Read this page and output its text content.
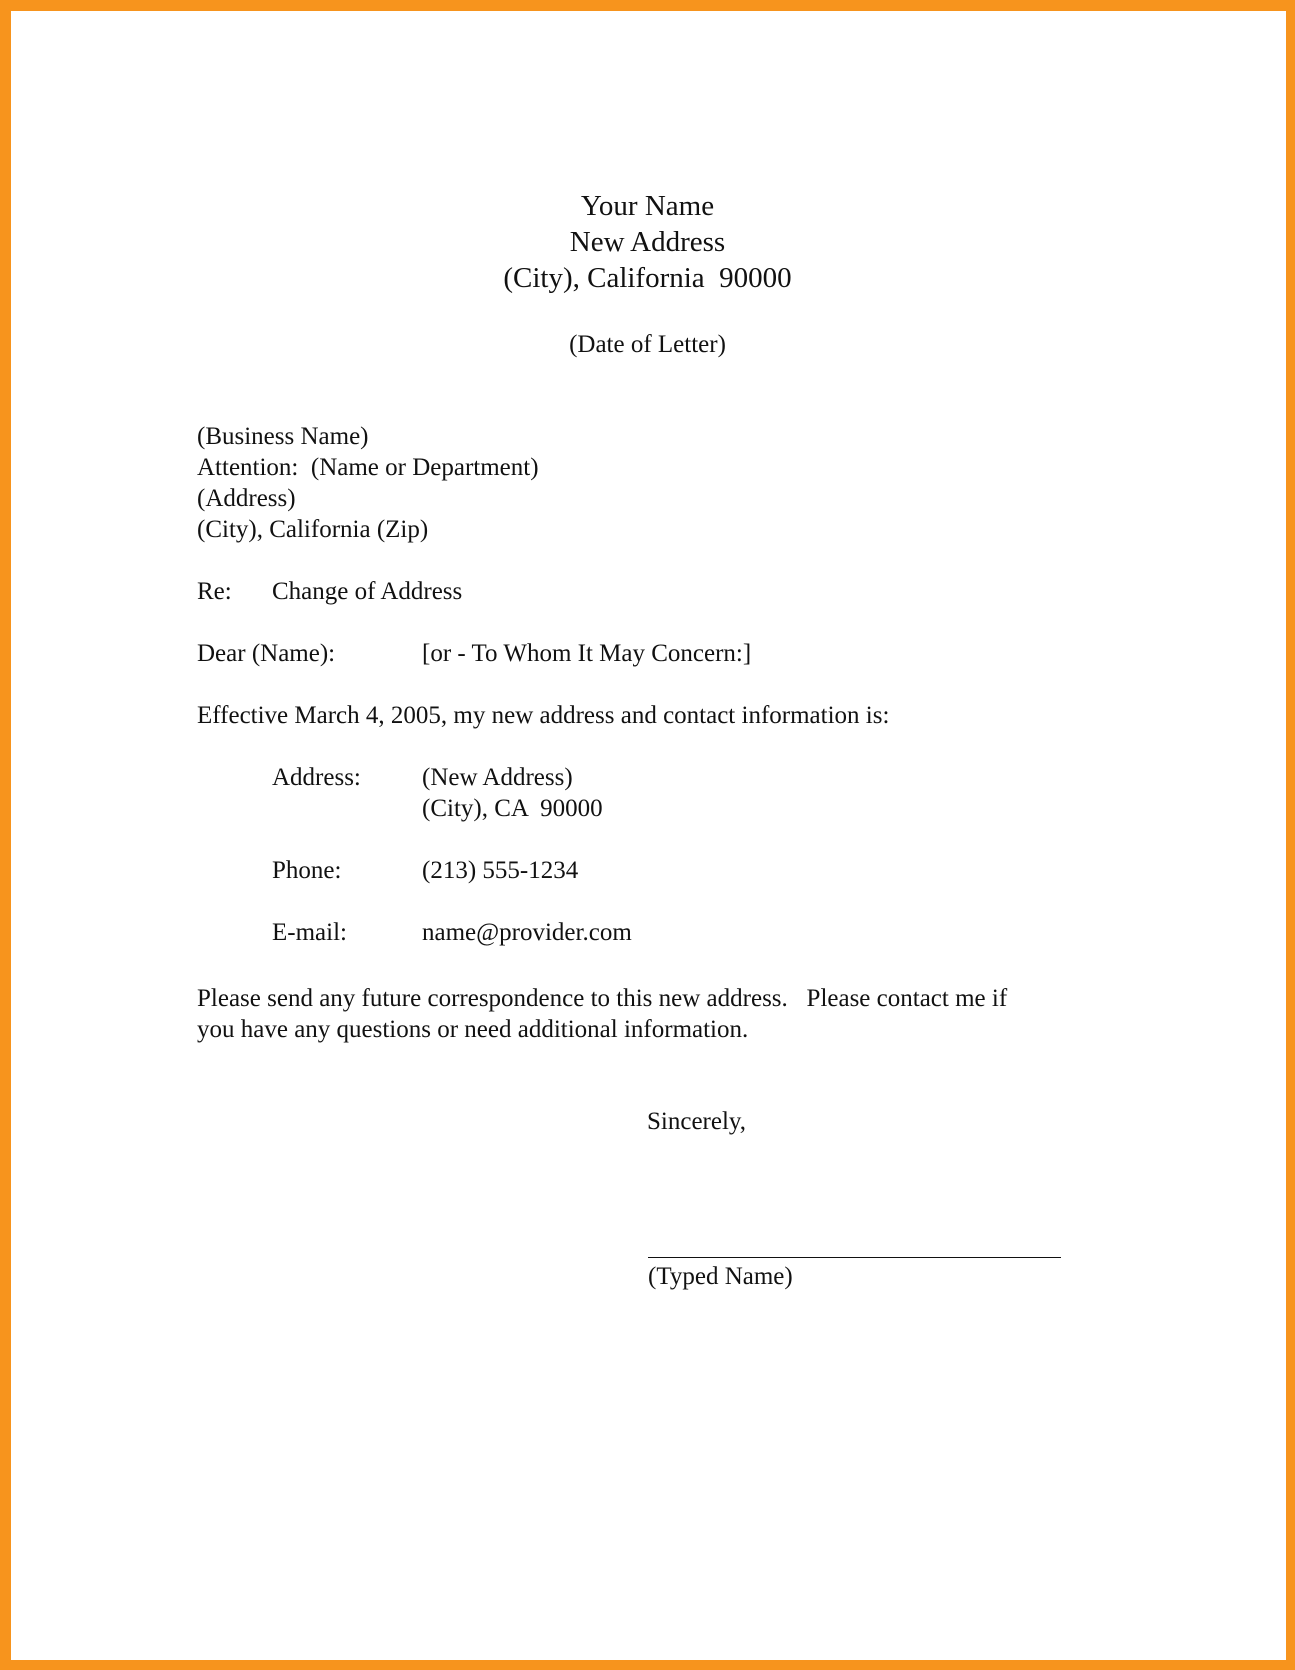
Your Name
New Address
(City), California  90000
(Date of Letter)
(Business Name)
Attention:  (Name or Department)
(Address)
(City), California (Zip)
Re: Change of Address
Dear (Name):	[or - To Whom It May Concern:]
Effective March 4, 2005, my new address and contact information is:
Address: (New Address)
(City), CA  90000
Phone:	(213) 555-1234
E-mail:	name@provider.com
Please send any future correspondence to this new address.   Please contact me if
you have any questions or need additional information.
Sincerely,
(Typed Name)
